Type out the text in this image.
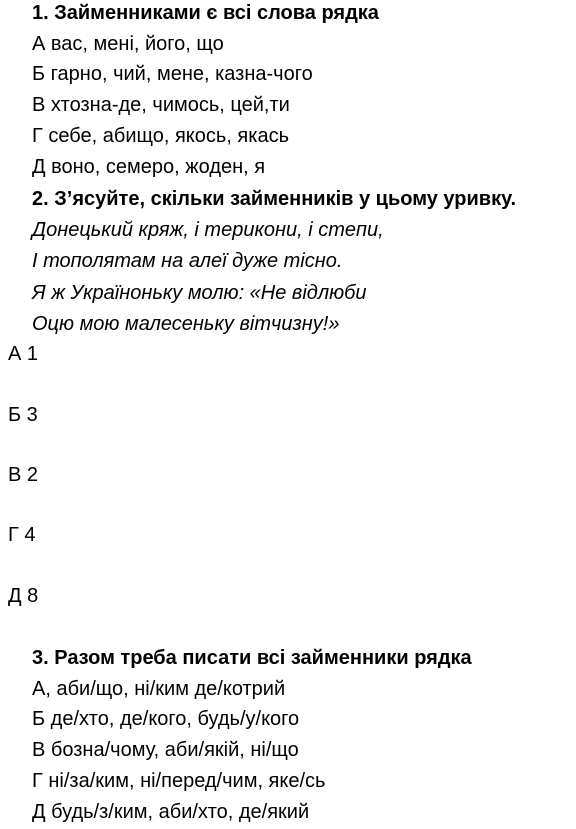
1. Займенниками є всі слова рядка
А вас, мені, його, що
Б гарно, чий, мене, казна-чого
В хтозна-де, чимось, цей,ти
Г себе, абищо, якось, якась
Д воно, семеро, жоден, я
2. З’ясуйте, скільки займенників у цьому уривку.
Донецький кряж, і терикони, і степи,
І тополятам на алеї дуже тісно.
Я ж Україноньку молю: «Не відлюби
Оцю мою малесеньку вітчизну!»
А 1
Б 3
В 2
Г 4
Д 8
3. Разом треба писати всі займенники рядка
А, аби/що, ні/ким де/котрий
Б де/хто, де/кого, будь/у/кого
В бозна/чому, аби/якій, ні/що
Г ні/за/ким, ні/перед/чим, яке/сь
Д будь/з/ким, аби/хто, де/який
